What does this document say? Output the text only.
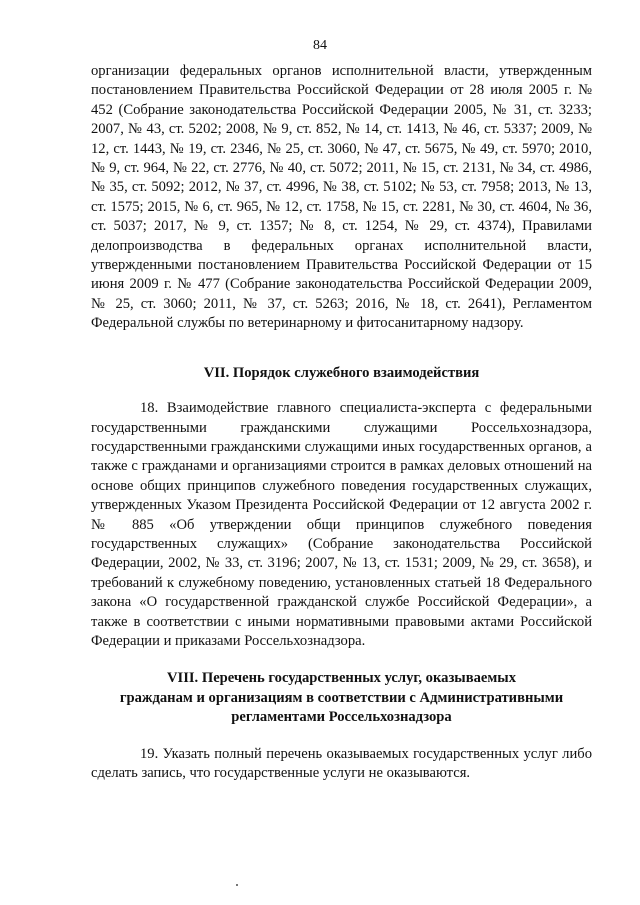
84

организации федеральных органов исполнительной власти, утвержденным постановлением Правительства Российской Федерации от 28 июля 2005 г. № 452 (Собрание законодательства Российской Федерации 2005, № 31, ст. 3233; 2007, № 43, ст. 5202; 2008, № 9, ст. 852, № 14, ст. 1413, № 46, ст. 5337; 2009, № 12, ст. 1443, № 19, ст. 2346, № 25, ст. 3060, № 47, ст. 5675, № 49, ст. 5970; 2010, № 9, ст. 964, № 22, ст. 2776, № 40, ст. 5072; 2011, № 15, ст. 2131, № 34, ст. 4986, № 35, ст. 5092; 2012, № 37, ст. 4996, № 38, ст. 5102; № 53, ст. 7958; 2013, № 13, ст. 1575; 2015, № 6, ст. 965, № 12, ст. 1758, № 15, ст. 2281, № 30, ст. 4604, № 36, ст. 5037; 2017, № 9, ст. 1357; № 8, ст. 1254, № 29, ст. 4374), Правилами делопроизводства в федеральных органах исполнительной власти, утвержденными постановлением Правительства Российской Федерации от 15 июня 2009 г. № 477 (Собрание законодательства Российской Федерации 2009, № 25, ст. 3060; 2011, № 37, ст. 5263; 2016, № 18, ст. 2641), Регламентом Федеральной службы по ветеринарному и фитосанитарному надзору.

VII. Порядок служебного взаимодействия

18. Взаимодействие главного специалиста-эксперта с федеральными государственными гражданскими служащими Россельхознадзора, государственными гражданскими служащими иных государственных органов, а также с гражданами и организациями строится в рамках деловых отношений на основе общих принципов служебного поведения государственных служащих, утвержденных Указом Президента Российской Федерации от 12 августа 2002 г. № 885 «Об утверждении общи принципов служебного поведения государственных служащих» (Собрание законодательства Российской Федерации, 2002, № 33, ст. 3196; 2007, № 13, ст. 1531; 2009, № 29, ст. 3658), и требований к служебному поведению, установленных статьей 18 Федерального закона «О государственной гражданской службе Российской Федерации», а также в соответствии с иными нормативными правовыми актами Российской Федерации и приказами Россельхознадзора.

VIII. Перечень государственных услуг, оказываемых
гражданам и организациям в соответствии с Административными
регламентами Россельхознадзора

19. Указать полный перечень оказываемых государственных услуг либо сделать запись, что государственные услуги не оказываются.
